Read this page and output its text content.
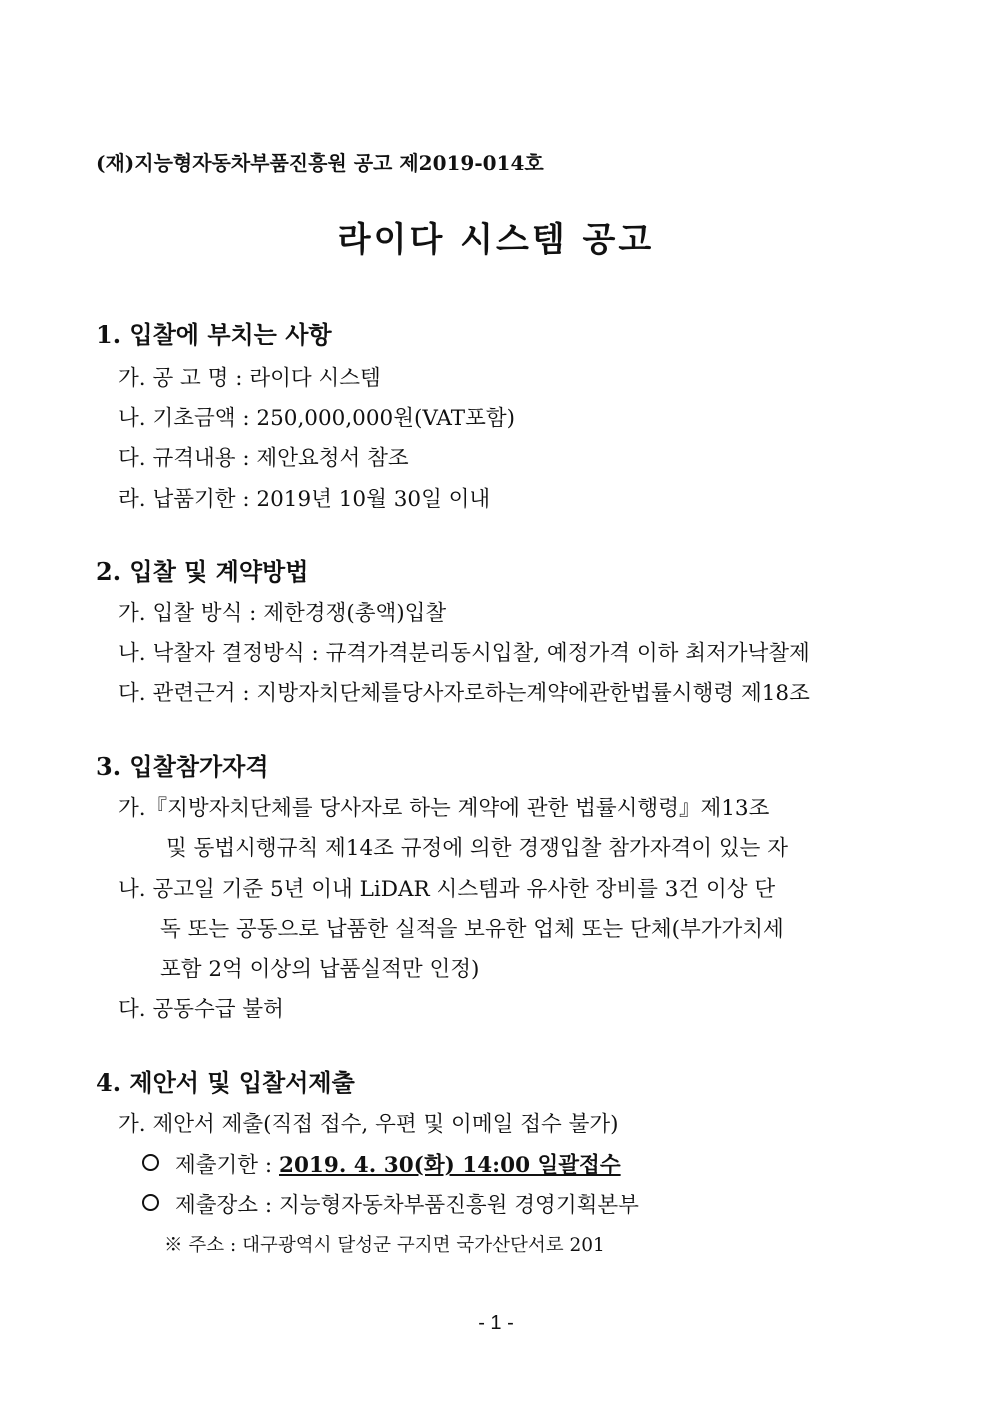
(재)지능형자동차부품진흥원 공고 제2019-014호
라이다 시스템 공고
1. 입찰에 부치는 사항
가. 공 고 명 : 라이다 시스템
나. 기초금액 : 250,000,000원(VAT포함)
다. 규격내용 : 제안요청서 참조
라. 납품기한 : 2019년 10월 30일 이내
2. 입찰 및 계약방법
가. 입찰 방식 : 제한경쟁(총액)입찰
나. 낙찰자 결정방식 : 규격가격분리동시입찰, 예정가격 이하 최저가낙찰제
다. 관련근거 : 지방자치단체를당사자로하는계약에관한법률시행령 제18조
3. 입찰참가자격
가.『지방자치단체를 당사자로 하는 계약에 관한 법률시행령』제13조
및 동법시행규칙 제14조 규정에 의한 경쟁입찰 참가자격이 있는 자
나. 공고일 기준 5년 이내 LiDAR 시스템과 유사한 장비를 3건 이상 단
독 또는 공동으로 납품한 실적을 보유한 업체 또는 단체(부가가치세
포함 2억 이상의 납품실적만 인정)
다. 공동수급 불허
4. 제안서 및 입찰서제출
가. 제안서 제출(직접 접수, 우편 및 이메일 접수 불가)
제출기한 : 2019. 4. 30(화) 14:00 일괄접수
제출장소 : 지능형자동차부품진흥원 경영기획본부
※ 주소 : 대구광역시 달성군 구지면 국가산단서로 201
- 1 -
